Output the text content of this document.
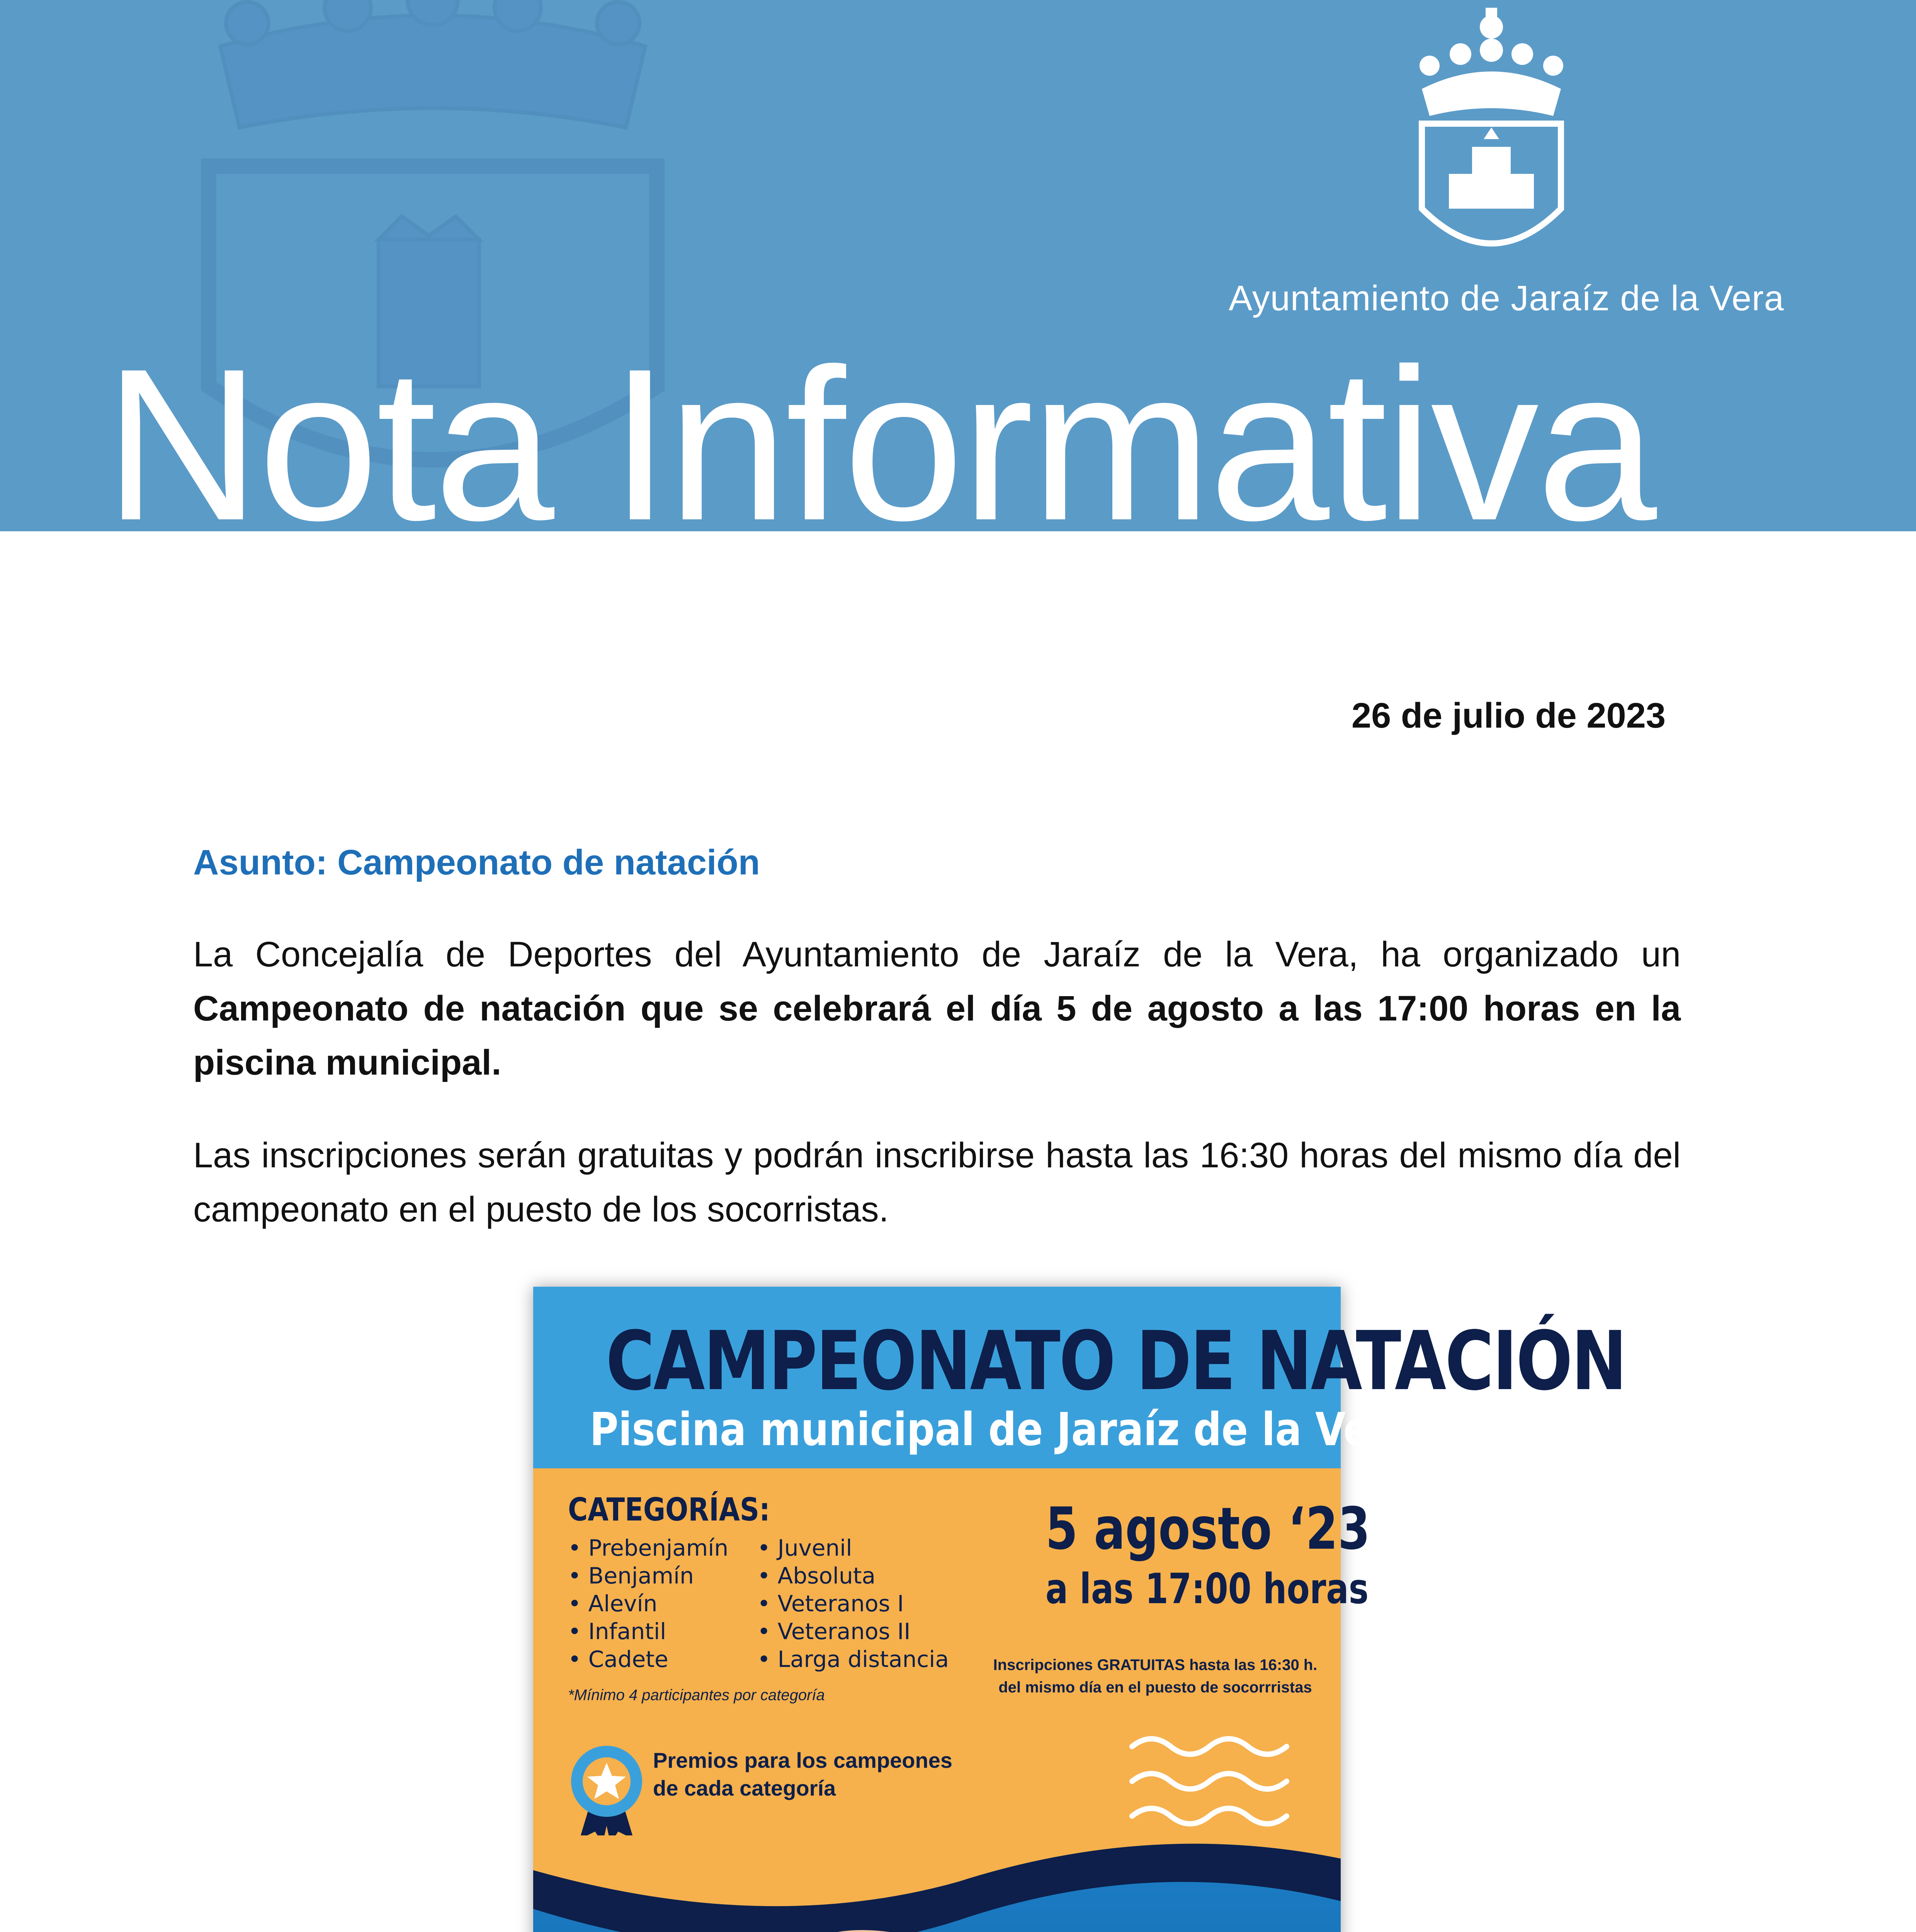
Ayuntamiento de Jaraíz de la Vera
Nota Informativa
26 de julio de 2023
Asunto: Campeonato de natación

La Concejalía de Deportes del Ayuntamiento de Jaraíz de la Vera, ha organizado un Campeonato de natación que se celebrará el día 5 de agosto a las 17:00 horas en la piscina municipal.

Las inscripciones serán gratuitas y podrán inscribirse hasta las 16:30 horas del mismo día del campeonato en el puesto de los socorristas.

CAMPEONATO DE NATACIÓN
Piscina municipal de Jaraíz de la Vera
CATEGORÍAS:
• Prebenjamín
• Benjamín
• Alevín
• Infantil
• Cadete
• Juvenil
• Absoluta
• Veteranos I
• Veteranos II
• Larga distancia
*Mínimo 4 participantes por categoría
5 agosto ‘23
a las 17:00 horas
Inscripciones GRATUITAS hasta las 16:30 h.
del mismo día en el puesto de socorrristas
Premios para los campeones
de cada categoría
